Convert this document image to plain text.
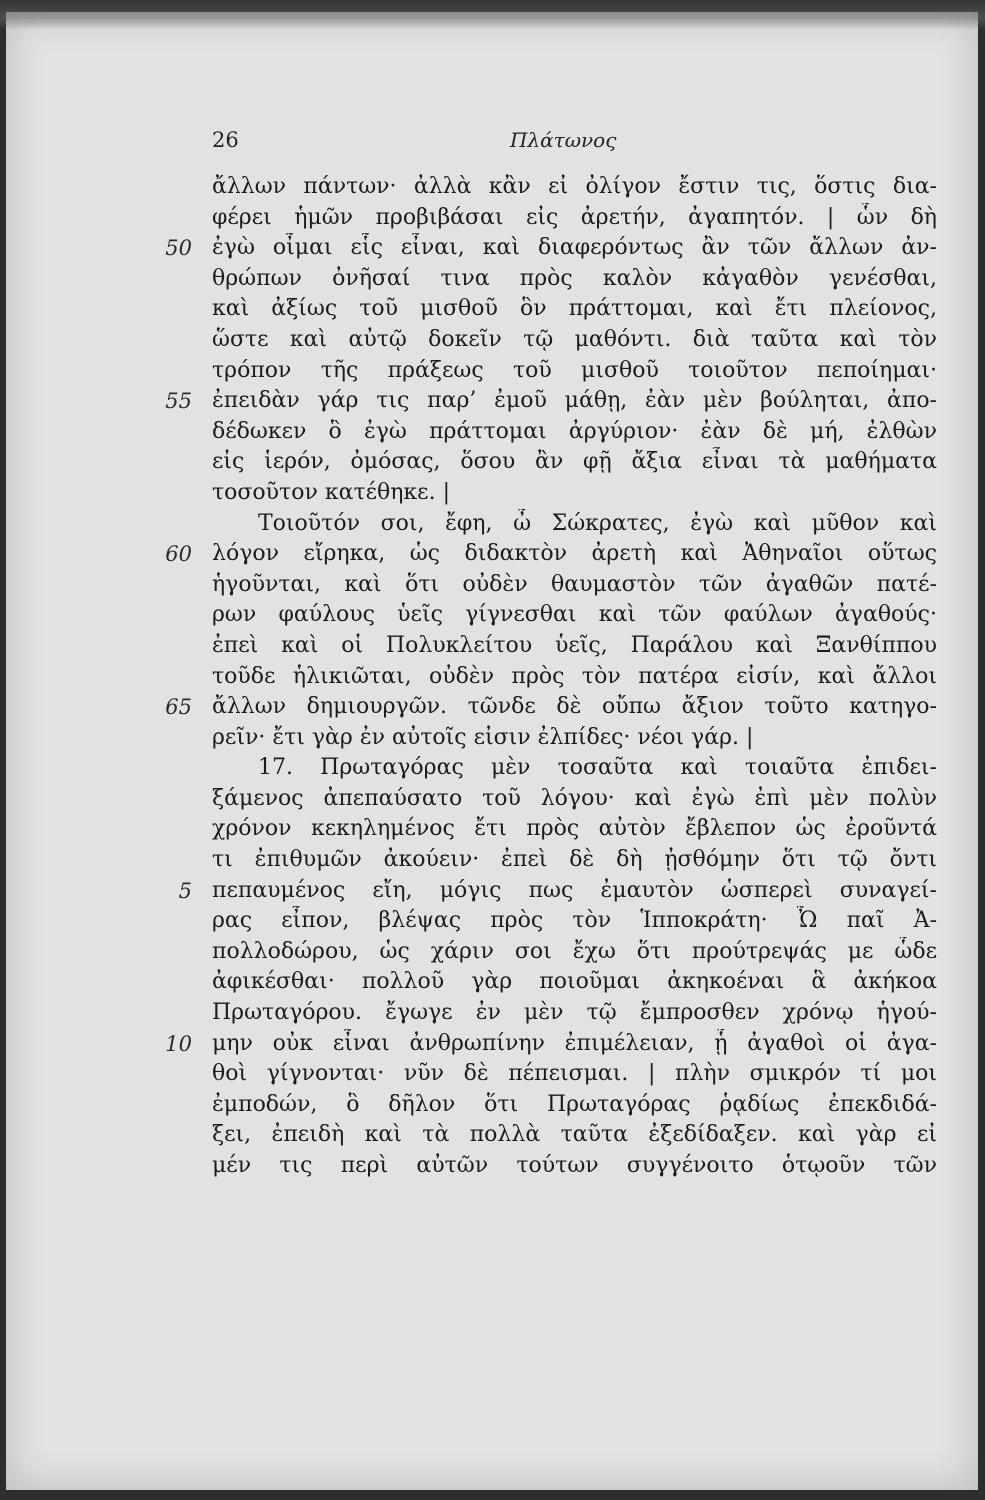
26	Πλάτωνος
ἄλλων πάντων· ἀλλὰ κἂν εἰ ὀλίγον ἔστιν τις, ὅστις δια-
φέρει ἡμῶν προβιβάσαι εἰς ἀρετήν, ἀγαπητόν. | ὧν δὴ
50 ἐγὼ οἶμαι εἷς εἶναι, καὶ διαφερόντως ἂν τῶν ἄλλων ἀν-
θρώπων ὀνῆσαί τινα πρὸς καλὸν κἀγαθὸν γενέσθαι,
καὶ ἀξίως τοῦ μισθοῦ ὃν πράττομαι, καὶ ἔτι πλείονος,
ὥστε καὶ αὐτῷ δοκεῖν τῷ μαθόντι. διὰ ταῦτα καὶ τὸν
τρόπον τῆς πράξεως τοῦ μισθοῦ τοιοῦτον πεποίημαι·
55 ἐπειδὰν γάρ τις παρ’ ἐμοῦ μάθῃ, ἐὰν μὲν βούληται, ἀπο-
δέδωκεν ὃ ἐγὼ πράττομαι ἀργύριον· ἐὰν δὲ μή, ἐλθὼν
εἰς ἱερόν, ὀμόσας, ὅσου ἂν φῇ ἄξια εἶναι τὰ μαθήματα
τοσοῦτον κατέθηκε. |
Τοιοῦτόν σοι, ἔφη, ὦ Σώκρατες, ἐγὼ καὶ μῦθον καὶ
60 λόγον εἴρηκα, ὡς διδακτὸν ἀρετὴ καὶ Ἀθηναῖοι οὕτως
ἡγοῦνται, καὶ ὅτι οὐδὲν θαυμαστὸν τῶν ἀγαθῶν πατέ-
ρων φαύλους ὑεῖς γίγνεσθαι καὶ τῶν φαύλων ἀγαθούς·
ἐπεὶ καὶ οἱ Πολυκλείτου ὑεῖς, Παράλου καὶ Ξανθίππου
τοῦδε ἡλικιῶται, οὐδὲν πρὸς τὸν πατέρα εἰσίν, καὶ ἄλλοι
65 ἄλλων δημιουργῶν. τῶνδε δὲ οὔπω ἄξιον τοῦτο κατηγο-
ρεῖν· ἔτι γὰρ ἐν αὐτοῖς εἰσιν ἐλπίδες· νέοι γάρ. |
17. Πρωταγόρας μὲν τοσαῦτα καὶ τοιαῦτα ἐπιδει-
ξάμενος ἀπεπαύσατο τοῦ λόγου· καὶ ἐγὼ ἐπὶ μὲν πολὺν
χρόνον κεκηλημένος ἔτι πρὸς αὐτὸν ἔβλεπον ὡς ἐροῦντά
τι ἐπιθυμῶν ἀκούειν· ἐπεὶ δὲ δὴ ᾐσθόμην ὅτι τῷ ὄντι
5 πεπαυμένος εἴη, μόγις πως ἐμαυτὸν ὡσπερεὶ συναγεί-
ρας εἶπον, βλέψας πρὸς τὸν Ἱπποκράτη· Ὦ παῖ Ἀ-
πολλοδώρου, ὡς χάριν σοι ἔχω ὅτι προύτρεψάς με ὧδε
ἀφικέσθαι· πολλοῦ γὰρ ποιοῦμαι ἀκηκοέναι ἃ ἀκήκοα
Πρωταγόρου. ἔγωγε ἐν μὲν τῷ ἔμπροσθεν χρόνῳ ἡγού-
10 μην οὐκ εἶναι ἀνθρωπίνην ἐπιμέλειαν, ᾗ ἀγαθοὶ οἱ ἀγα-
θοὶ γίγνονται· νῦν δὲ πέπεισμαι. | πλὴν σμικρόν τί μοι
ἐμποδών, ὃ δῆλον ὅτι Πρωταγόρας ῥᾳδίως ἐπεκδιδά-
ξει, ἐπειδὴ καὶ τὰ πολλὰ ταῦτα ἐξεδίδαξεν. καὶ γὰρ εἰ
μέν τις περὶ αὐτῶν τούτων συγγένοιτο ὁτῳοῦν τῶν
